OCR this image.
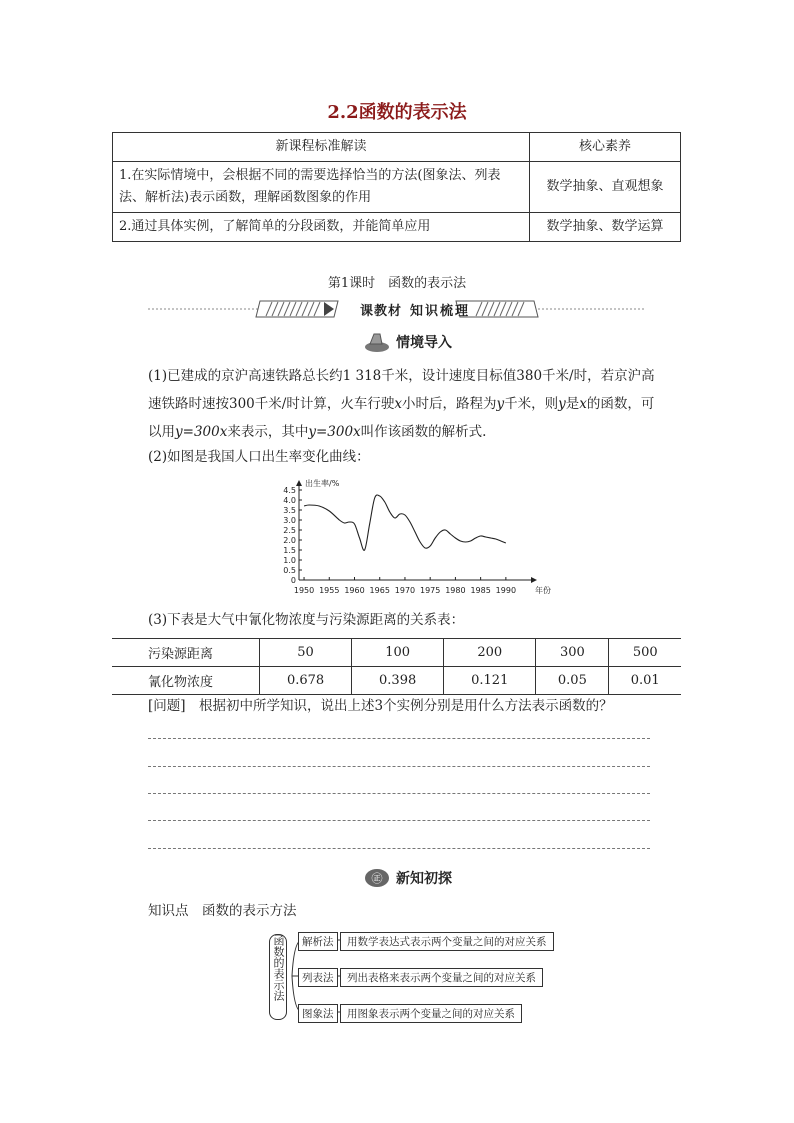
2.2函数的表示法
新课程标准解读	核心素养
1.在实际情境中，会根据不同的需要选择恰当的方法(图象法、列表法、解析法)表示函数，理解函数图象的作用	数学抽象、直观想象
2.通过具体实例，了解简单的分段函数，并能简单应用	数学抽象、数学运算
第1课时　函数的表示法
课教材 知识梳理
情境导入
(1)已建成的京沪高速铁路总长约1 318千米，设计速度目标值380千米/时，若京沪高
速铁路时速按300千米/时计算，火车行驶x小时后，路程为y千米，则y是x的函数，可
以用y=300x来表示，其中y=300x叫作该函数的解析式.
(2)如图是我国人口出生率变化曲线：
出生率/%
年份
0
0.5
1.0
1.5
2.0
2.5
3.0
3.5
4.0
4.5
1950 1955 1960 1965 1970 1975 1980 1985 1990
(3)下表是大气中氰化物浓度与污染源距离的关系表：
污染源距离	50	100	200	300	500
氰化物浓度	0.678	0.398	0.121	0.05	0.01
[问题]　根据初中所学知识，说出上述3个实例分别是用什么方法表示函数的？
㊣ 新知初探
知识点　函数的表示方法
函数的表示法	解析法	用数学表达式表示两个变量之间的对应关系
列表法	列出表格来表示两个变量之间的对应关系
图象法	用图象表示两个变量之间的对应关系
